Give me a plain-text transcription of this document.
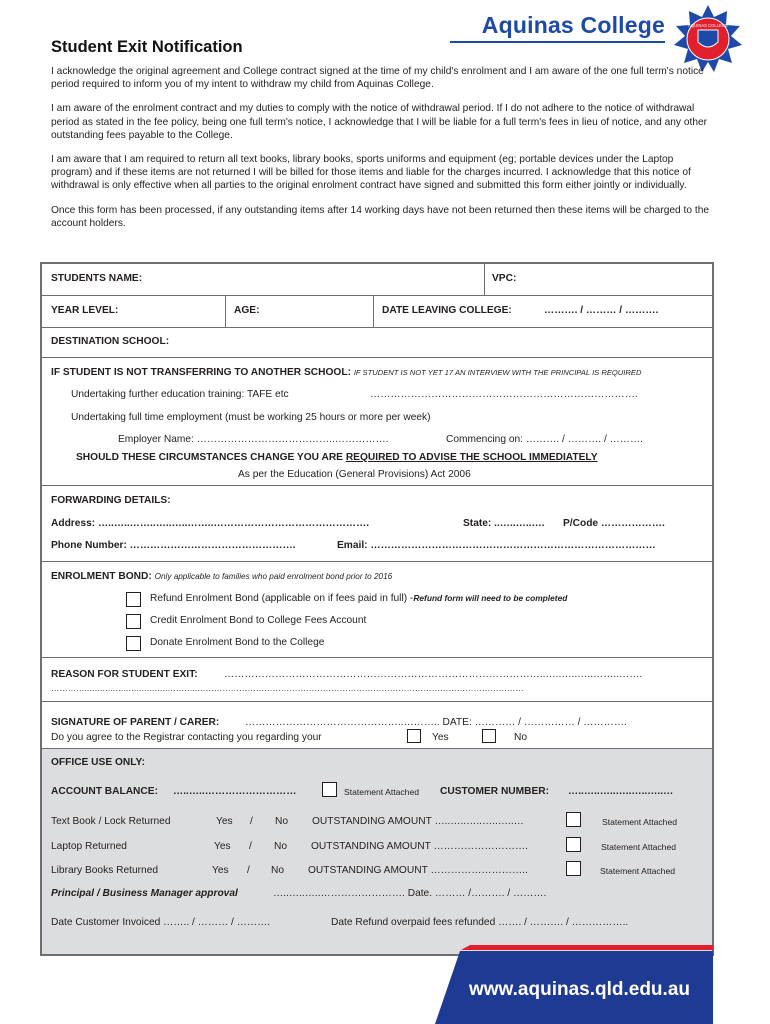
Aquinas College	AQUINAS COLLEGE
Student Exit Notification

I acknowledge the original agreement and College contract signed at the time of my child's enrolment and I am aware of the one full term's notice period required to inform you of my intent to withdraw my child from Aquinas College.

I am aware of the enrolment contract and my duties to comply with the notice of withdrawal period. If I do not adhere to the notice of withdrawal period as stated in the fee policy, being one full term's notice, I acknowledge that I will be liable for a full term's fees in lieu of notice, and any other outstanding fees payable to the College.

I am aware that I am required to return all text books, library books, sports uniforms and equipment (eg; portable devices under the Laptop program) and if these items are not returned I will be billed for those items and liable for the charges incurred. I acknowledge that this notice of withdrawal is only effective when all parties to the original enrolment contract have signed and submitted this form either jointly or individually.

Once this form has been processed, if any outstanding items after 14 working days have not been returned then these items will be charged to the account holders.

STUDENTS NAME:	VPC:
YEAR LEVEL:	AGE:	DATE LEAVING COLLEGE:	………. / ……… / ……….
DESTINATION SCHOOL:
IF STUDENT IS NOT TRANSFERRING TO ANOTHER SCHOOL: IF STUDENT IS NOT YET 17 AN INTERVIEW WITH THE PRINCIPAL IS REQUIRED
Undertaking further education training: TAFE etc	…………………………………………………………………….
Undertaking full time employment (must be working 25 hours or more per week)
Employer Name: …………………………………..…………….	Commencing on: ………. / ………. / ……….
SHOULD THESE CIRCUMSTANCES CHANGE YOU ARE REQUIRED TO ADVISE THE SCHOOL IMMEDIATELY
As per the Education (General Provisions) Act 2006
FORWARDING DETAILS:
Address: …..…..……..…..…..……..……………………………………….	State: ..…..…..…. P/Code ……………….
Phone Number: ………………………………………….	Email: …………………………………………………………………………
ENROLMENT BOND: Only applicable to families who paid enrolment bond prior to 2016
Refund Enrolment Bond (applicable on if fees paid in full) -Refund form will need to be completed
Credit Enrolment Bond to College Fees Account
Donate Enrolment Bond to the College
REASON FOR STUDENT EXIT:	…………………………………………………………………………………..…..…..…..……..…….
…………..…..…..…..…..…..…..………..………………………………………………………………………………………………………
SIGNATURE OF PARENT / CARER:	………………………………………..……….. DATE: ………… / …………… / ………….
Do you agree to the Registrar contacting you regarding your	Yes	No
OFFICE USE ONLY:
ACCOUNT BALANCE: …..…..………………………	Statement Attached CUSTOMER NUMBER: …..…..…..…..…..…..…
Text Book / Lock Returned	Yes / No OUTSTANDING AMOUNT …..…..…..…..…..…	Statement Attached
Laptop Returned	Yes / No OUTSTANDING AMOUNT ……………………….	Statement Attached
Library Books Returned	Yes / No OUTSTANDING AMOUNT ………………………..	Statement Attached
Principal / Business Manager approval	…..…..…..……………………. Date. ……… /………. / ……….
Date Customer Invoiced …….. / ……… / ……….	Date Refund overpaid fees refunded ……. / ………. / ……………..
www.aquinas.qld.edu.au
